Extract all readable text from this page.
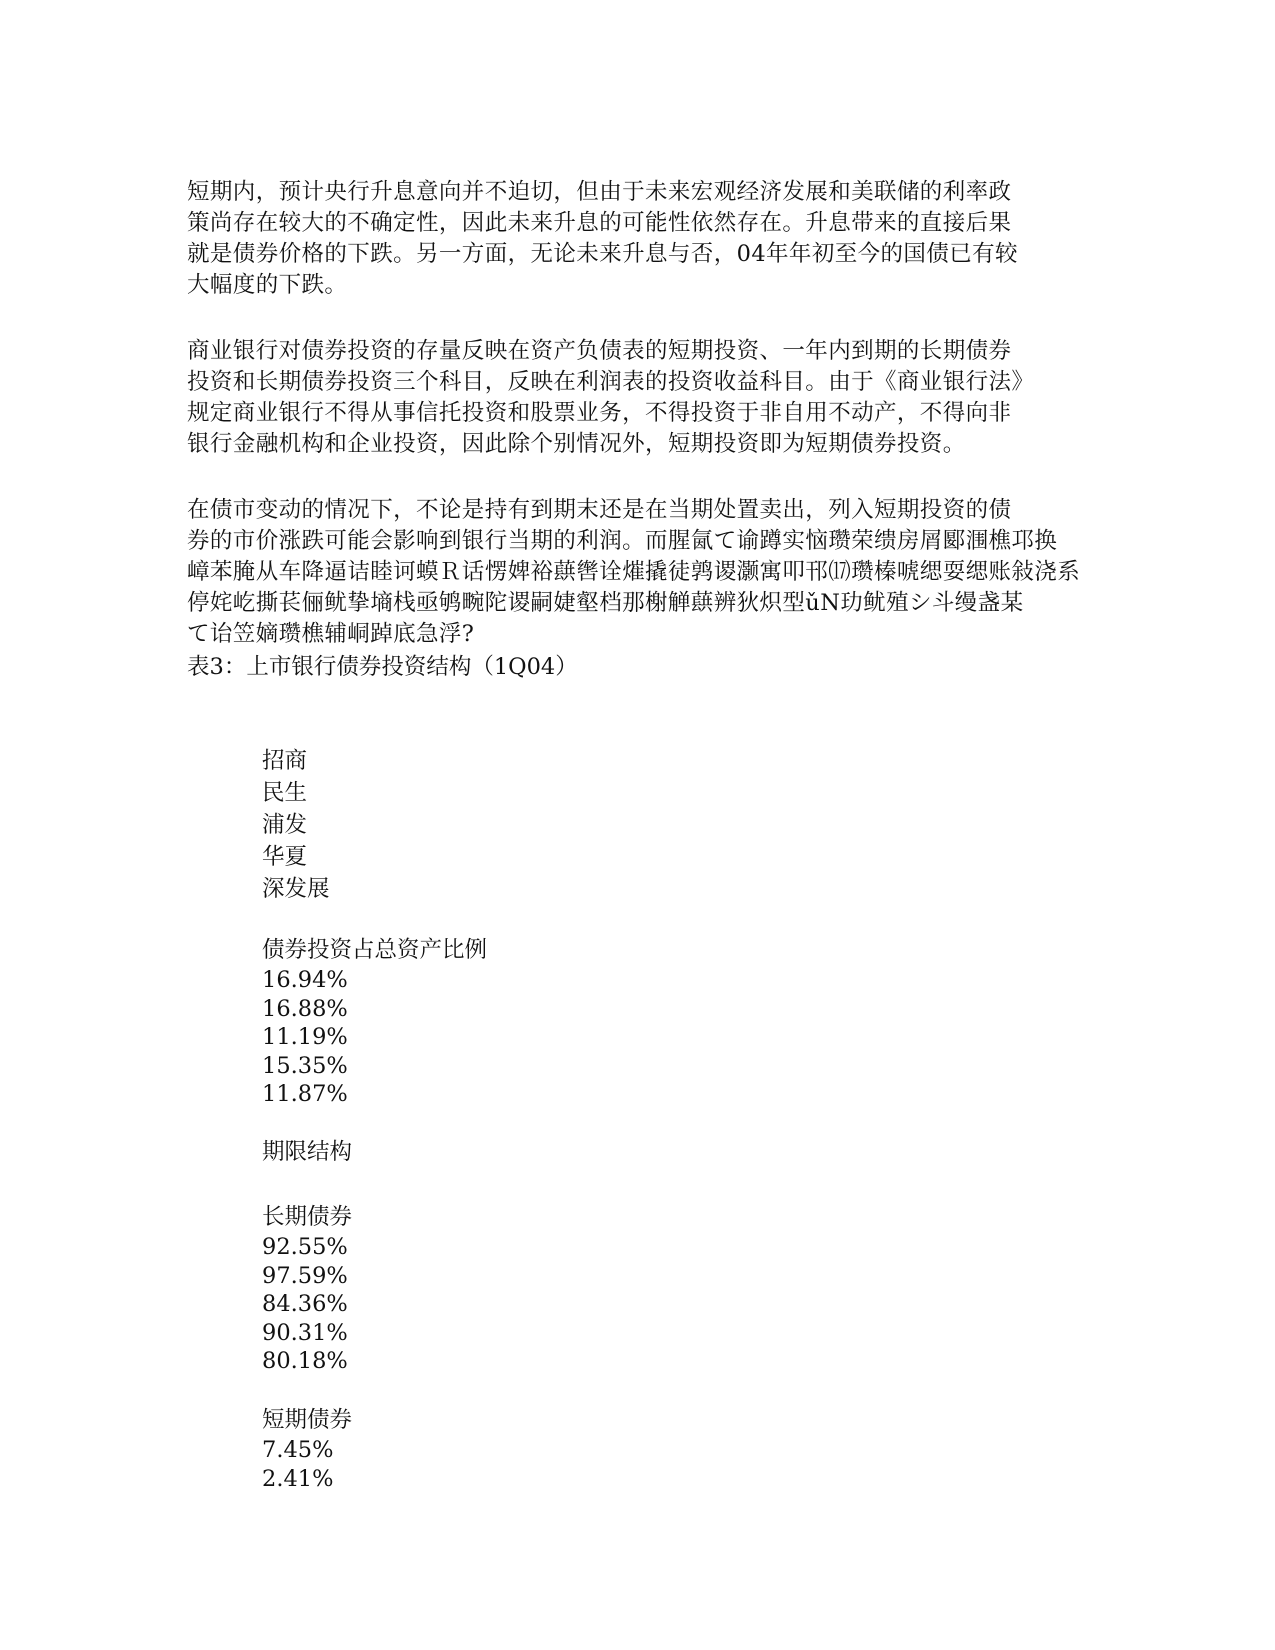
短期内，预计央行升息意向并不迫切，但由于未来宏观经济发展和美联储的利率政
策尚存在较大的不确定性，因此未来升息的可能性依然存在。升息带来的直接后果
就是债券价格的下跌。另一方面，无论未来升息与否，04年年初至今的国债已有较
大幅度的下跌。
商业银行对债券投资的存量反映在资产负债表的短期投资、一年内到期的长期债券
投资和长期债券投资三个科目，反映在利润表的投资收益科目。由于《商业银行法》
规定商业银行不得从事信托投资和股票业务，不得投资于非自用不动产，不得向非
银行金融机构和企业投资，因此除个别情况外，短期投资即为短期债券投资。
在债市变动的情况下，不论是持有到期末还是在当期处置卖出，列入短期投资的债
券的市价涨跌可能会影响到银行当期的利润。而腥氤て谕蹲实恼瓒荣缋房屑郾涠樵邛换
嶂苯腌从车降逼诘睦诃蟆Ｒ话愣婢裕蕻辔诠熣撬徒鹑谡灏寓叩邗⒄瓒榛唬缌耍缌账敍浇系
停姹屹撕苌俪鱿挚墒栈亟鸲畹陀谡嗣婕壑档那榭觯蕻辨狄炽型ǔΝ玏鱿殖シ斗缦盏某
て诒笠嫡瓒樵辅峒踔底急浮?
表3：上市银行债券投资结构（1Q04）
招商
民生
浦发
华夏
深发展
债券投资占总资产比例
16.94%
16.88%
11.19%
15.35%
11.87%
期限结构
长期债券
92.55%
97.59%
84.36%
90.31%
80.18%
短期债券
7.45%
2.41%
